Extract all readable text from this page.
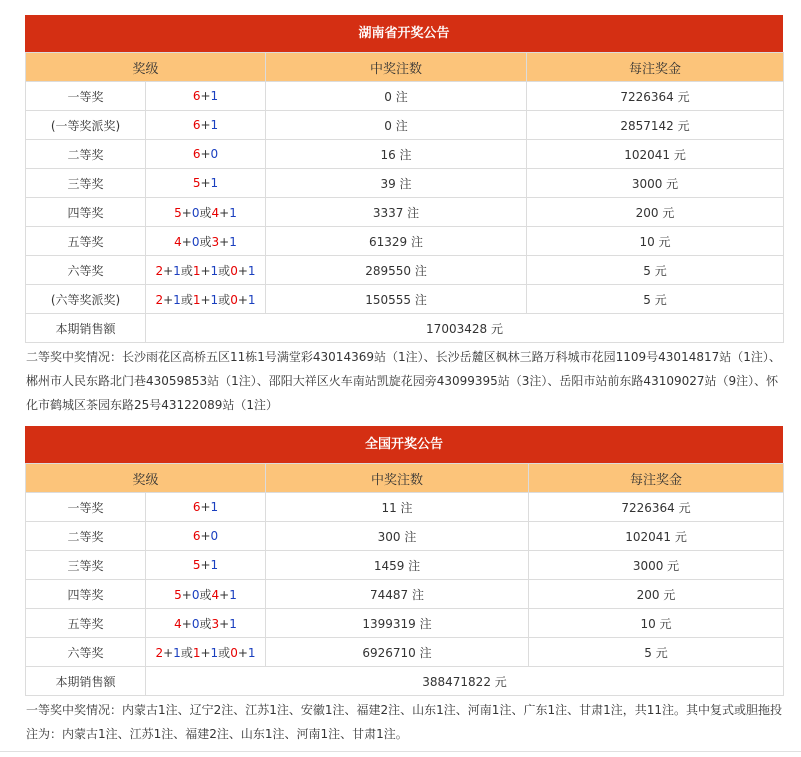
湖南省开奖公告
奖级		中奖注数	每注奖金
一等奖	6+1	0 注	7226364 元
(一等奖派奖)	6+1	0 注	2857142 元
二等奖	6+0	16 注	102041 元
三等奖	5+1	39 注	3000 元
四等奖	5+0或4+1	3337 注	200 元
五等奖	4+0或3+1	61329 注	10 元
六等奖	2+1或1+1或0+1	289550 注	5 元
(六等奖派奖)	2+1或1+1或0+1	150555 注	5 元
本期销售额	17003428 元		
二等奖中奖情况：长沙雨花区高桥五区11栋1号满堂彩43014369站（1注）、长沙岳麓区枫林三路万科城市花园1109号43014817站（1注）、郴州市人民东路北门巷43059853站（1注）、邵阳大祥区火车南站凯旋花园旁43099395站（3注）、岳阳市站前东路43109027站（9注）、怀化市鹤城区茶园东路25号43122089站（1注）
全国开奖公告
奖级		中奖注数	每注奖金
一等奖	6+1	11 注	7226364 元
二等奖	6+0	300 注	102041 元
三等奖	5+1	1459 注	3000 元
四等奖	5+0或4+1	74487 注	200 元
五等奖	4+0或3+1	1399319 注	10 元
六等奖	2+1或1+1或0+1	6926710 注	5 元
本期销售额	388471822 元		
一等奖中奖情况：内蒙古1注、辽宁2注、江苏1注、安徽1注、福建2注、山东1注、河南1注、广东1注、甘肃1注，共11注。其中复式或胆拖投注为：内蒙古1注、江苏1注、福建2注、山东1注、河南1注、甘肃1注。
